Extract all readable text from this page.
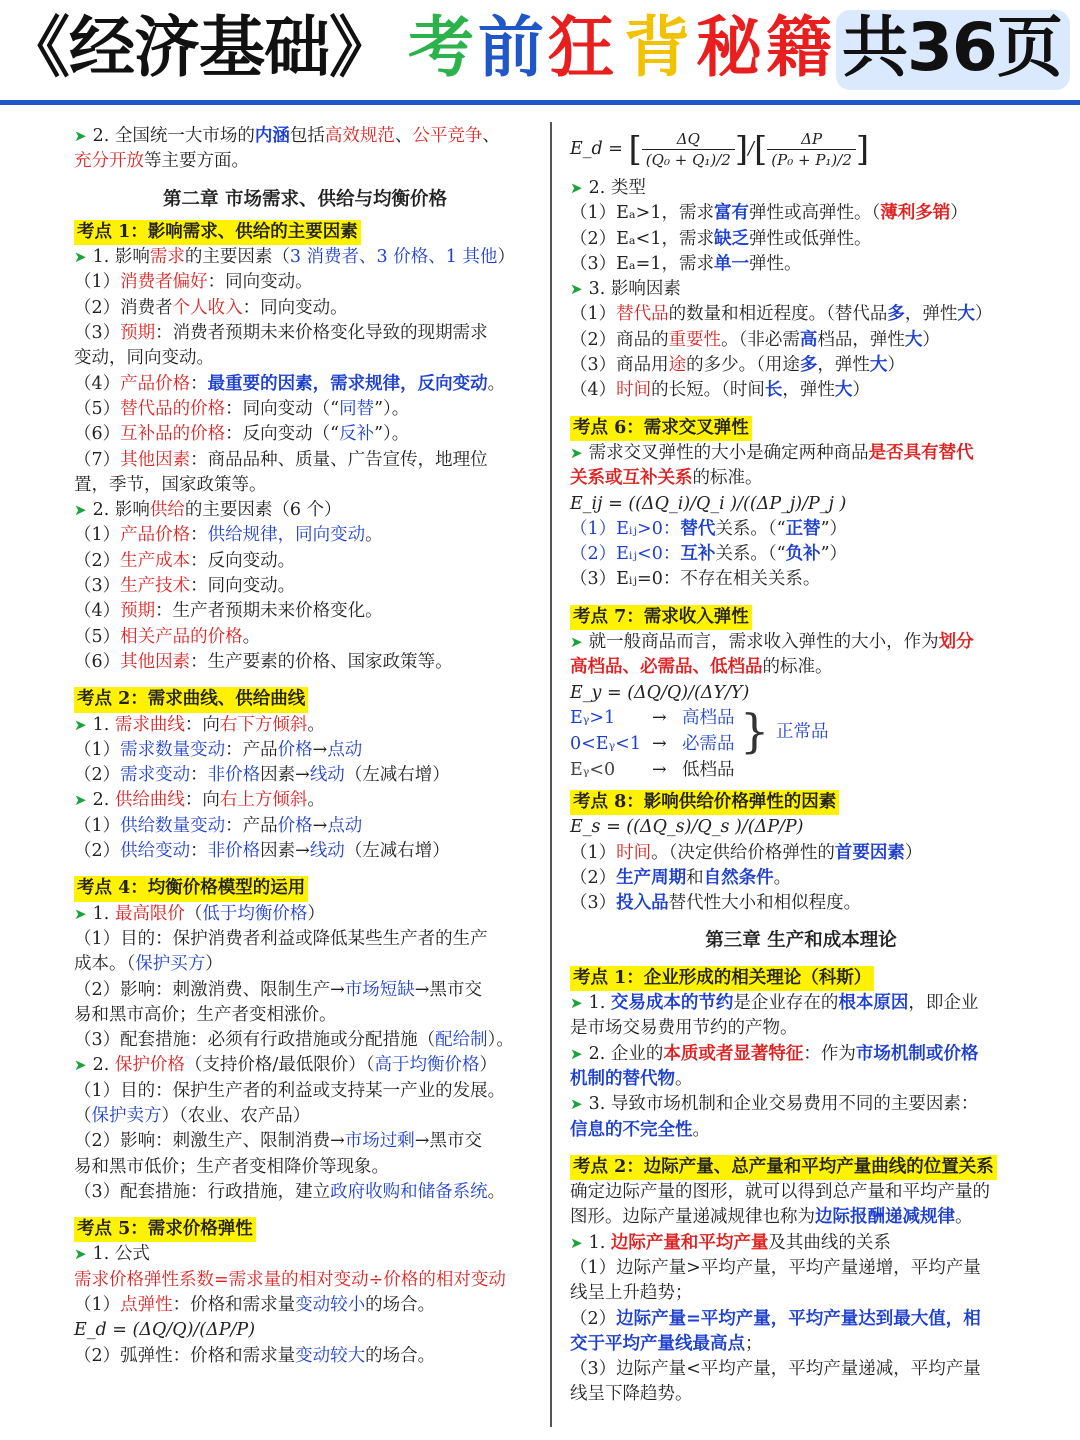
《经济基础》 考 前 狂 背 秘 籍 共36页

➤ 2. 全国统一大市场的内涵包括高效规范、公平竞争、

充分开放等主要方面。

第二章 市场需求、供给与均衡价格

考点 1：影响需求、供给的主要因素

➤ 1. 影响需求的主要因素（3 消费者、3 价格、1 其他）

（1）消费者偏好：同向变动。

（2）消费者个人收入：同向变动。

（3）预期：消费者预期未来价格变化导致的现期需求

变动，同向变动。

（4）产品价格：最重要的因素，需求规律，反向变动。

（5）替代品的价格：同向变动（“同替”）。

（6）互补品的价格：反向变动（“反补”）。

（7）其他因素：商品品种、质量、广告宣传，地理位

置，季节，国家政策等。

➤ 2. 影响供给的主要因素（6 个）

（1）产品价格：供给规律，同向变动。

（2）生产成本：反向变动。

（3）生产技术：同向变动。

（4）预期：生产者预期未来价格变化。

（5）相关产品的价格。

（6）其他因素：生产要素的价格、国家政策等。

考点 2：需求曲线、供给曲线

➤ 1. 需求曲线：向右下方倾斜。

（1）需求数量变动：产品价格→点动

（2）需求变动：非价格因素→线动（左减右增）

➤ 2. 供给曲线：向右上方倾斜。

（1）供给数量变动：产品价格→点动

（2）供给变动：非价格因素→线动（左减右增）

考点 4：均衡价格模型的运用

➤ 1. 最高限价（低于均衡价格）

（1）目的：保护消费者利益或降低某些生产者的生产

成本。（保护买方）

（2）影响：刺激消费、限制生产→市场短缺→黑市交

易和黑市高价；生产者变相涨价。

（3）配套措施：必须有行政措施或分配措施（配给制）。

➤ 2. 保护价格（支持价格/最低限价）（高于均衡价格）

（1）目的：保护生产者的利益或支持某一产业的发展。

（保护卖方）（农业、农产品）

（2）影响：刺激生产、限制消费→市场过剩→黑市交

易和黑市低价；生产者变相降价等现象。

（3）配套措施：行政措施，建立政府收购和储备系统。

考点 5：需求价格弹性

➤ 1. 公式

需求价格弹性系数=需求量的相对变动÷价格的相对变动

（1）点弹性：价格和需求量变动较小的场合。

E_d = (ΔQ/Q)/(ΔP/P)

（2）弧弹性：价格和需求量变动较大的场合。

E_d = [ $\frac{\Delta Q}{\text{(Q₀ + Q₁)/2}}$ ]/[ $\frac{\Delta P}{\text{(P₀ + P₁)/2}}$ ]

➤ 2. 类型

（1）Eₐ>1，需求富有弹性或高弹性。（薄利多销）

（2）Eₐ<1，需求缺乏弹性或低弹性。

（3）Eₐ=1，需求单一弹性。

➤ 3. 影响因素

（1）替代品的数量和相近程度。（替代品多，弹性大）

（2）商品的重要性。（非必需高档品，弹性大）

（3）商品用途的多少。（用途多，弹性大）

（4）时间的长短。（时间长，弹性大）

考点 6：需求交叉弹性

➤ 需求交叉弹性的大小是确定两种商品是否具有替代

关系或互补关系的标准。

E_ij = ((ΔQ_i)/Q_i )/((ΔP_j)/P_j )

（1）Eᵢⱼ>0：替代关系。（“正替”）

（2）Eᵢⱼ<0：互补关系。（“负补”）

（3）Eᵢⱼ=0：不存在相关关系。

考点 7：需求收入弹性

➤ 就一般商品而言，需求收入弹性的大小，作为划分

高档品、必需品、低档品的标准。

E_y = (ΔQ/Q)/(ΔY/Y)

Eᵧ>1 → 高档品
0<Eᵧ<1 → 必需品
Eᵧ<0 → 低档品
} 正常品

考点 8：影响供给价格弹性的因素

E_s = ((ΔQ_s)/Q_s )/(ΔP/P)

（1）时间。（决定供给价格弹性的首要因素）

（2）生产周期和自然条件。

（3）投入品替代性大小和相似程度。

第三章 生产和成本理论

考点 1：企业形成的相关理论（科斯）

➤ 1. 交易成本的节约是企业存在的根本原因，即企业

是市场交易费用节约的产物。

➤ 2. 企业的本质或者显著特征：作为市场机制或价格

机制的替代物。

➤ 3. 导致市场机制和企业交易费用不同的主要因素：

信息的不完全性。

考点 2：边际产量、总产量和平均产量曲线的位置关系

确定边际产量的图形，就可以得到总产量和平均产量的

图形。边际产量递减规律也称为边际报酬递减规律。

➤ 1. 边际产量和平均产量及其曲线的关系

（1）边际产量>平均产量，平均产量递增，平均产量

线呈上升趋势；

（2）边际产量=平均产量，平均产量达到最大值，相

交于平均产量线最高点；

（3）边际产量<平均产量，平均产量递减，平均产量

线呈下降趋势。
